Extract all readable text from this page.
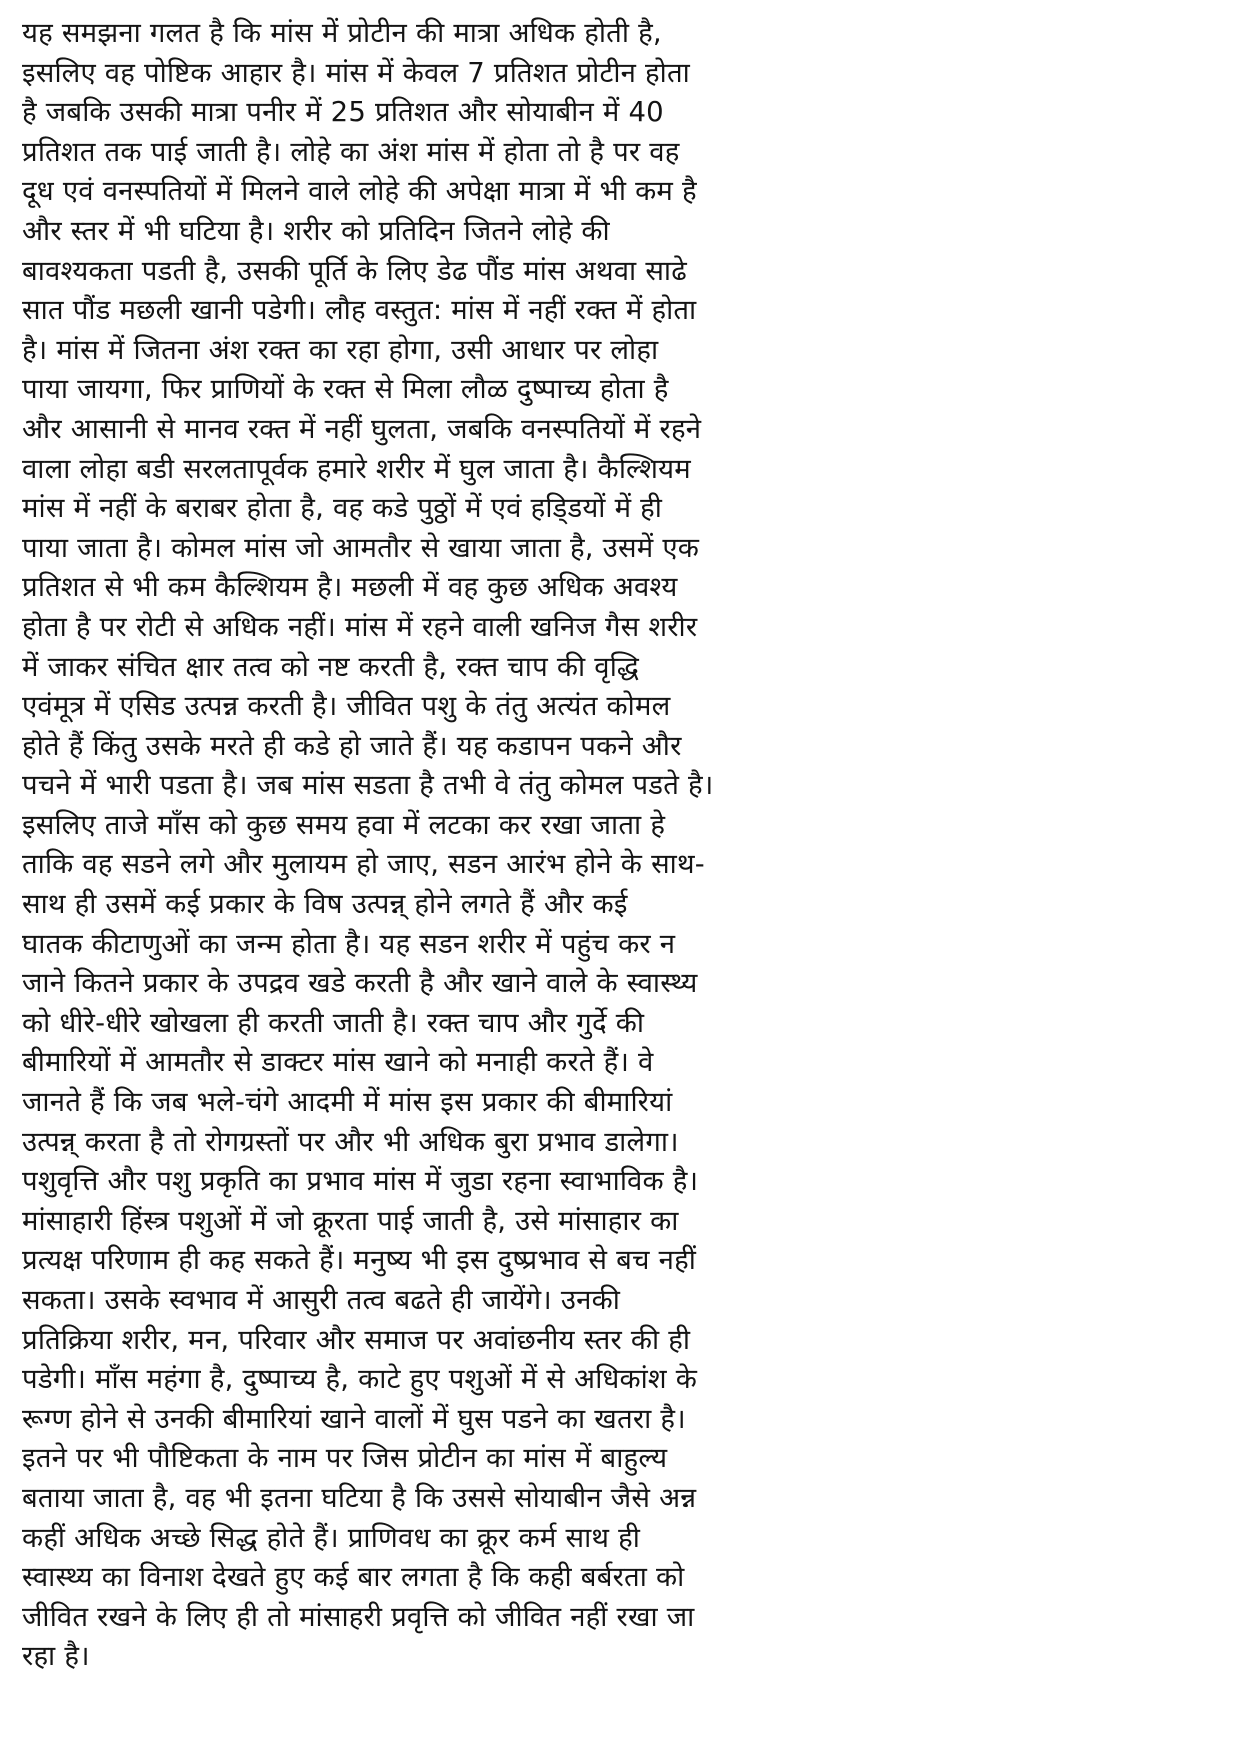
यह समझना गलत है कि मांस में प्रोटीन की मात्रा अधिक होती है,
इसलिए वह पोष्टिक आहार है। मांस में केवल 7 प्रतिशत प्रोटीन होता
है जबकि उसकी मात्रा पनीर में 25 प्रतिशत और सोयाबीन में 40
प्रतिशत तक पाई जाती है। लोहे का अंश मांस में होता तो है पर वह
दूध एवं वनस्पतियों में मिलने वाले लोहे की अपेक्षा मात्रा में भी कम है
और स्तर में भी घटिया है। शरीर को प्रतिदिन जितने लोहे की
बावश्यकता पडती है, उसकी पूर्ति के लिए डेढ पौंड मांस अथवा साढे
सात पौंड मछली खानी पडेगी। लौह वस्तुत: मांस में नहीं रक्त में होता
है। मांस में जितना अंश रक्त का रहा होगा, उसी आधार पर लोहा
पाया जायगा, फिर प्राणियों के रक्त से मिला लौळ दुष्पाच्य होता है
और आसानी से मानव रक्त में नहीं घुलता, जबकि वनस्पतियों में रहने
वाला लोहा बडी सरलतापूर्वक हमारे शरीर में घुल जाता है। कैल्शियम
मांस में नहीं के बराबर होता है, वह कडे पुठ्ठों में एवं हडि्डयों में ही
पाया जाता है। कोमल मांस जो आमतौर से खाया जाता है, उसमें एक
प्रतिशत से भी कम कैल्शियम है। मछली में वह कुछ अधिक अवश्य
होता है पर रोटी से अधिक नहीं। मांस में रहने वाली खनिज गैस शरीर
में जाकर संचित क्षार तत्व को नष्ट करती है, रक्त चाप की वृद्धि
एवंमूत्र में एसिड उत्पन्न करती है। जीवित पशु के तंतु अत्यंत कोमल
होते हैं किंतु उसके मरते ही कडे हो जाते हैं। यह कडापन पकने और
पचने में भारी पडता है। जब मांस सडता है तभी वे तंतु कोमल पडते है।
इसलिए ताजे माँस को कुछ समय हवा में लटका कर रखा जाता हे
ताकि वह सडने लगे और मुलायम हो जाए, सडन आरंभ होने के साथ-
साथ ही उसमें कई प्रकार के विष उत्पन्न् होने लगते हैं और कई
घातक कीटाणुओं का जन्म होता है। यह सडन शरीर में पहुंच कर न
जाने कितने प्रकार के उपद्रव खडे करती है और खाने वाले के स्वास्थ्य
को धीरे-धीरे खोखला ही करती जाती है। रक्त चाप और गुर्दे की
बीमारियों में आमतौर से डाक्टर मांस खाने को मनाही करते हैं। वे
जानते हैं कि जब भले-चंगे आदमी में मांस इस प्रकार की बीमारियां
उत्पन्न् करता है तो रोगग्रस्तों पर और भी अधिक बुरा प्रभाव डालेगा।
पशुवृत्ति और पशु प्रकृति का प्रभाव मांस में जुडा रहना स्वाभाविक है।
मांसाहारी हिंस्त्र पशुओं में जो क्रूरता पाई जाती है, उसे मांसाहार का
प्रत्यक्ष परिणाम ही कह सकते हैं। मनुष्य भी इस दुष्प्रभाव से बच नहीं
सकता। उसके स्वभाव में आसुरी तत्व बढते ही जायेंगे। उनकी
प्रतिक्रिया शरीर, मन, परिवार और समाज पर अवांछनीय स्तर की ही
पडेगी। माँस महंगा है, दुष्पाच्य है, काटे हुए पशुओं में से अधिकांश के
रूग्ण होने से उनकी बीमारियां खाने वालों में घुस पडने का खतरा है।
इतने पर भी पौष्टिकता के नाम पर जिस प्रोटीन का मांस में बाहुल्य
बताया जाता है, वह भी इतना घटिया है कि उससे सोयाबीन जैसे अन्न
कहीं अधिक अच्छे सिद्ध होते हैं। प्राणिवध का क्रूर कर्म साथ ही
स्वास्थ्य का विनाश देखते हुए कई बार लगता है कि कही बर्बरता को
जीवित रखने के लिए ही तो मांसाहरी प्रवृत्ति को जीवित नहीं रखा जा
रहा है।
